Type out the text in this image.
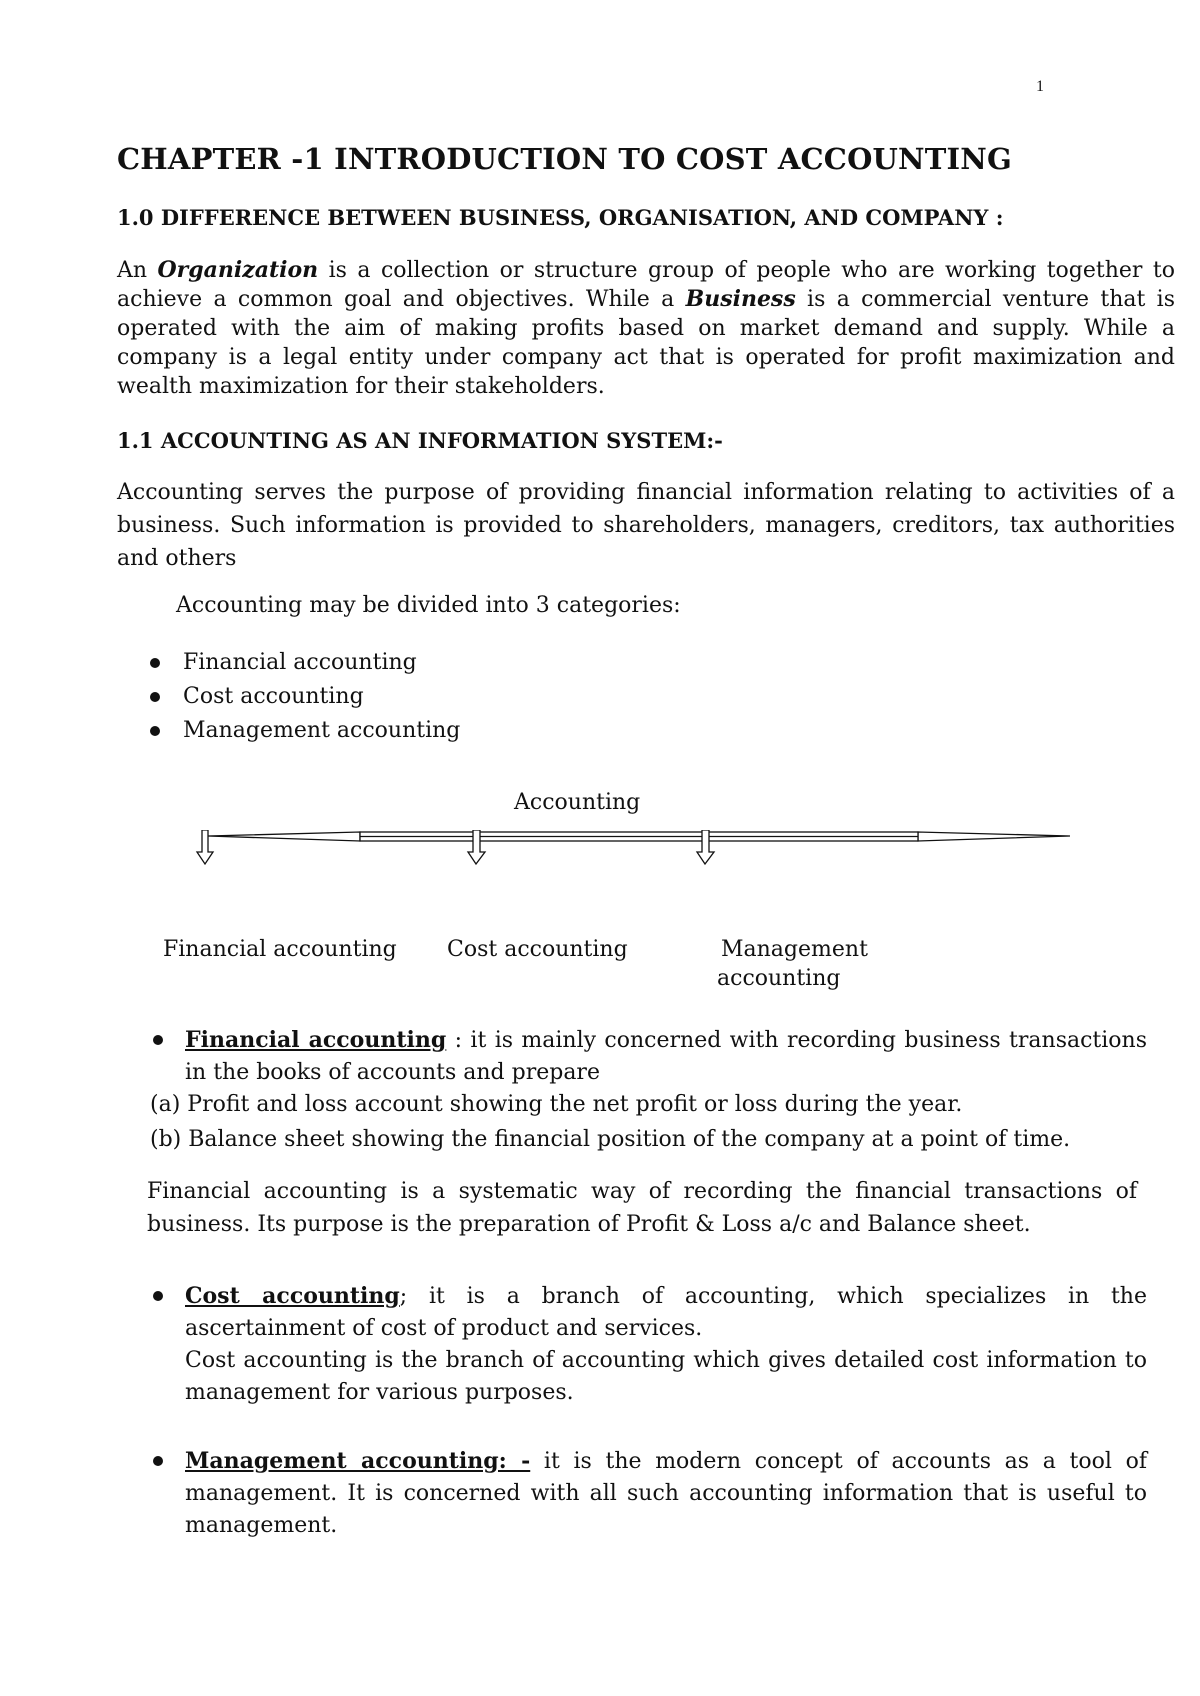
1
CHAPTER -1 INTRODUCTION TO COST ACCOUNTING
1.0 DIFFERENCE BETWEEN BUSINESS, ORGANISATION, AND COMPANY :

An Organization is a collection or structure group of people who are working together to achieve a common goal and objectives. While a Business is a commercial venture that is operated with the aim of making profits based on market demand and supply. While a company is a legal entity under company act that is operated for profit maximization and wealth maximization for their stakeholders.

1.1 ACCOUNTING AS AN INFORMATION SYSTEM:-

Accounting serves the purpose of providing financial information relating to activities of a business. Such information is provided to shareholders, managers, creditors, tax authorities and others

Accounting may be divided into 3 categories:
Financial accounting
Cost accounting
Management accounting
Accounting
Financial accounting Cost accounting	Management
accounting
Financial accounting : it is mainly concerned with recording business transactions in the books of accounts and prepare
(a) Profit and loss account showing the net profit or loss during the year.
(b) Balance sheet showing the financial position of the company at a point of time.

Financial accounting is a systematic way of recording the financial transactions of business. Its purpose is the preparation of Profit & Loss a/c and Balance sheet.

Cost accounting; it is a branch of accounting, which specializes in the ascertainment of cost of product and services.
Cost accounting is the branch of accounting which gives detailed cost information to management for various purposes.
Management accounting: - it is the modern concept of accounts as a tool of management. It is concerned with all such accounting information that is useful to management.
